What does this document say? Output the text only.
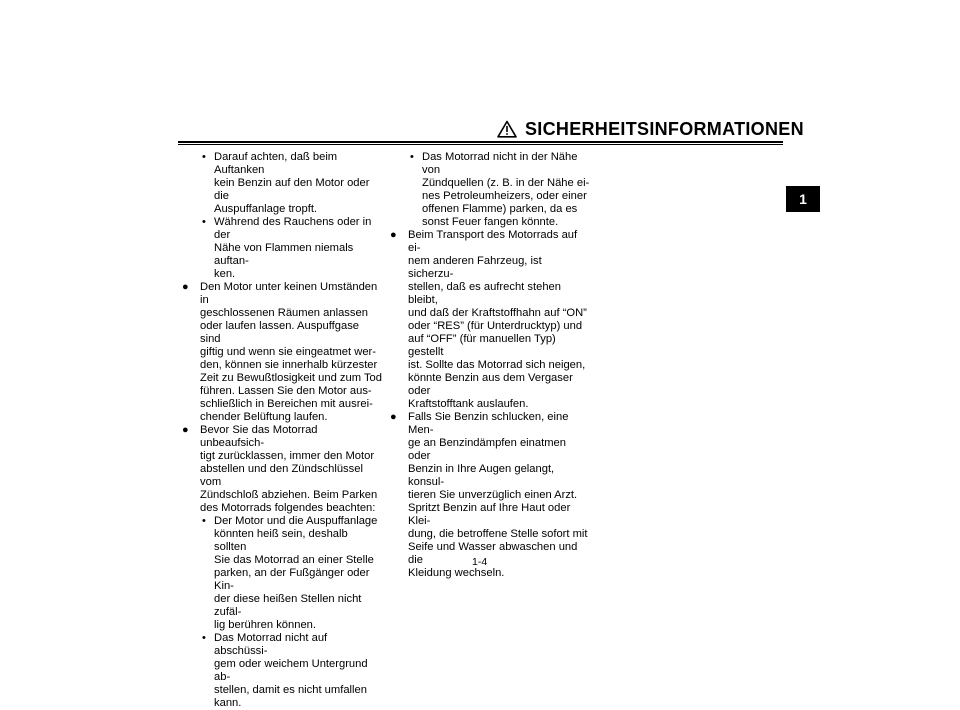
SICHERHEITSINFORMATIONEN
1
• Darauf achten, daß beim Auftanken
kein Benzin auf den Motor oder die
Auspuffanlage tropft.
• Während des Rauchens oder in der
Nähe von Flammen niemals auftan-
ken.
● Den Motor unter keinen Umständen in
geschlossenen Räumen anlassen
oder laufen lassen. Auspuffgase sind
giftig und wenn sie eingeatmet wer-
den, können sie innerhalb kürzester
Zeit zu Bewußtlosigkeit und zum Tod
führen. Lassen Sie den Motor aus-
schließlich in Bereichen mit ausrei-
chender Belüftung laufen.
● Bevor Sie das Motorrad unbeaufsich-
tigt zurücklassen, immer den Motor
abstellen und den Zündschlüssel vom
Zündschloß abziehen. Beim Parken
des Motorrads folgendes beachten:
• Der Motor und die Auspuffanlage
könnten heiß sein, deshalb sollten
Sie das Motorrad an einer Stelle
parken, an der Fußgänger oder Kin-
der diese heißen Stellen nicht zufäl-
lig berühren können.
• Das Motorrad nicht auf abschüssi-
gem oder weichem Untergrund ab-
stellen, damit es nicht umfallen
kann.
• Das Motorrad nicht in der Nähe von
Zündquellen (z. B. in der Nähe ei-
nes Petroleumheizers, oder einer
offenen Flamme) parken, da es
sonst Feuer fangen könnte.
● Beim Transport des Motorrads auf ei-
nem anderen Fahrzeug, ist sicherzu-
stellen, daß es aufrecht stehen bleibt,
und daß der Kraftstoffhahn auf “ON”
oder “RES” (für Unterdrucktyp) und
auf “OFF” (für manuellen Typ) gestellt
ist. Sollte das Motorrad sich neigen,
könnte Benzin aus dem Vergaser oder
Kraftstofftank auslaufen.
● Falls Sie Benzin schlucken, eine Men-
ge an Benzindämpfen einatmen oder
Benzin in Ihre Augen gelangt, konsul-
tieren Sie unverzüglich einen Arzt.
Spritzt Benzin auf Ihre Haut oder Klei-
dung, die betroffene Stelle sofort mit
Seife und Wasser abwaschen und die
Kleidung wechseln.
1-4
